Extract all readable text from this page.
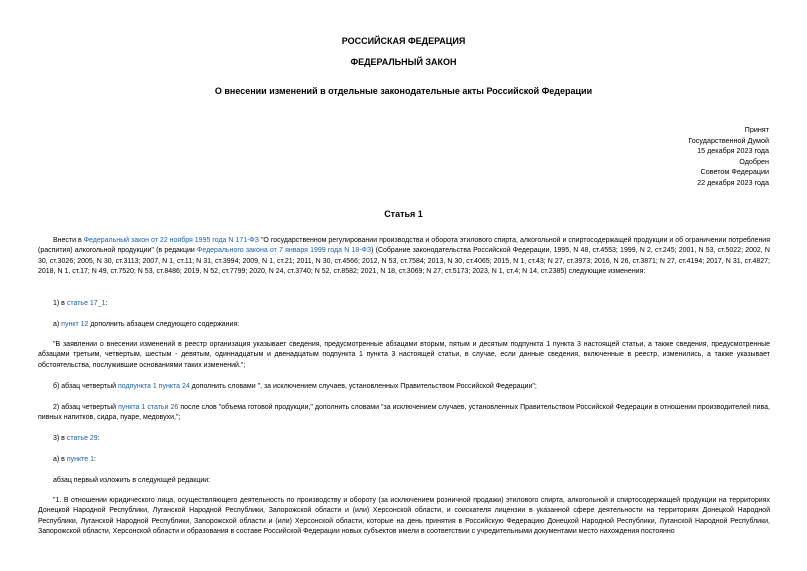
РОССИЙСКАЯ ФЕДЕРАЦИЯ
ФЕДЕРАЛЬНЫЙ ЗАКОН
О внесении изменений в отдельные законодательные акты Российской Федерации
Принят
Государственной Думой
15 декабря 2023 года
Одобрен
Советом Федерации
22 декабря 2023 года
Статья 1

Внести в Федеральный закон от 22 ноября 1995 года N 171-ФЗ "О государственном регулировании производства и оборота этилового спирта, алкогольной и спиртосодержащей продукции и об ограничении потребления (распития) алкогольной продукции" (в редакции Федерального закона от 7 января 1999 года N 18-ФЗ) (Собрание законодательства Российской Федерации, 1995, N 48, ст.4553; 1999, N 2, ст.245; 2001, N 53, ст.5022; 2002, N 30, ст.3026; 2005, N 30, ст.3113; 2007, N 1, ст.11; N 31, ст.3994; 2009, N 1, ст.21; 2011, N 30, ст.4566; 2012, N 53, ст.7584; 2013, N 30, ст.4065; 2015, N 1, ст.43; N 27, ст.3973; 2016, N 26, ст.3871; N 27, ст.4194; 2017, N 31, ст.4827; 2018, N 1, ст.17; N 49, ст.7520; N 53, ст.8486; 2019, N 52, ст.7799; 2020, N 24, ст.3740; N 52, ст.8582; 2021, N 18, ст.3069; N 27, ст.5173; 2023, N 1, ст.4; N 14, ст.2385) следующие изменения:

1) в статье 17_1:

а) пункт 12 дополнить абзацем следующего содержания:

"В заявлении о внесении изменений в реестр организация указывает сведения, предусмотренные абзацами вторым, пятым и десятым подпункта 1 пункта 3 настоящей статьи, а также сведения, предусмотренные абзацами третьим, четвертым, шестым - девятым, одиннадцатым и двенадцатым подпункта 1 пункта 3 настоящей статьи, в случае, если данные сведения, включенные в реестр, изменились, а также указывает обстоятельства, послужившие основаниями таких изменений.";

б) абзац четвертый подпункта 1 пункта 24 дополнить словами ", за исключением случаев, установленных Правительством Российской Федерации";

2) абзац четвертый пункта 1 статьи 26 после слов "объема готовой продукции," дополнить словами "за исключением случаев, установленных Правительством Российской Федерации в отношении производителей пива, пивных напитков, сидра, пуаре, медовухи,";

3) в статье 29:

а) в пункте 1:

абзац первый изложить в следующей редакции:

"1. В отношении юридического лица, осуществляющего деятельность по производству и обороту (за исключением розничной продажи) этилового спирта, алкогольной и спиртосодержащей продукции на территориях Донецкой Народной Республики, Луганской Народной Республики, Запорожской области и (или) Херсонской области, и соискателя лицензии в указанной сфере деятельности на территориях Донецкой Народной Республики, Луганской Народной Республики, Запорожской области и (или) Херсонской области, которые на день принятия в Российскую Федерацию Донецкой Народной Республики, Луганской Народной Республики, Запорожской области, Херсонской области и образования в составе Российской Федерации новых субъектов имели в соответствии с учредительными документами место нахождения постоянно
